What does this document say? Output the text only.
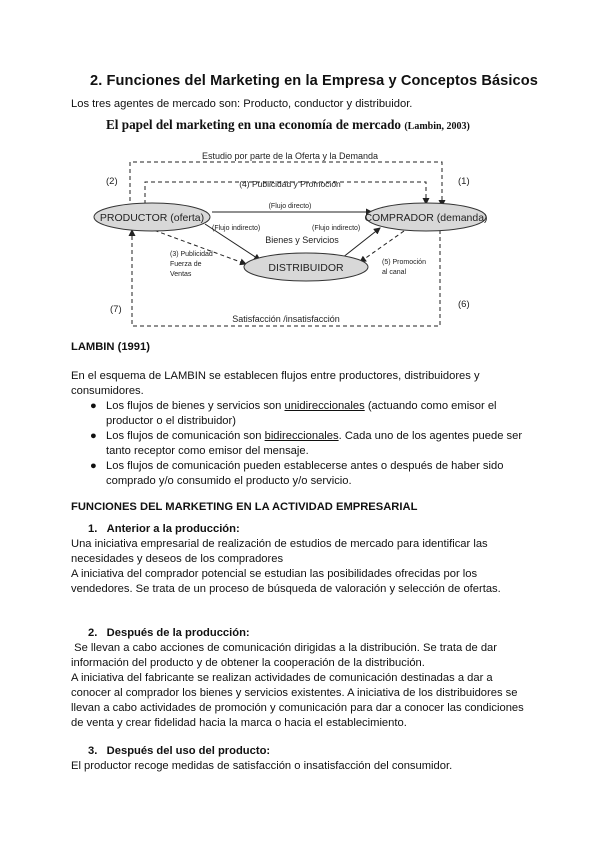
2. Funciones del Marketing en la Empresa y Conceptos Básicos

Los tres agentes de mercado son: Producto, conductor y distribuidor.

El papel del marketing en una economía de mercado (Lambin, 2003)
PRODUCTOR (oferta)	COMPRADOR (demanda)
DISTRIBUIDOR
Estudio por parte de la Oferta y la Demanda
(4) Publicidad y Promoción
(Flujo directo)
(Flujo indirecto)	(Flujo indirecto)
Bienes y Servicios
(3) Publicidad
Fuerza de
Ventas
(5) Promoción
al canal
Satisfacción /insatisfacción
(2)	(1)
(6)
(7)

LAMBIN (1991)

En el esquema de LAMBIN se establecen flujos entre productores, distribuidores y consumidores.

● Los flujos de bienes y servicios son unidireccionales (actuando como emisor el productor o el distribuidor)
● Los flujos de comunicación son bidireccionales. Cada uno de los agentes puede ser tanto receptor como emisor del mensaje.
● Los flujos de comunicación pueden establecerse antes o después de haber sido comprado y/o consumido el producto y/o servicio.

FUNCIONES DEL MARKETING EN LA ACTIVIDAD EMPRESARIAL

1. Anterior a la producción:

Una iniciativa empresarial de realización de estudios de mercado para identificar las necesidades y deseos de los compradores

A iniciativa del comprador potencial se estudian las posibilidades ofrecidas por los vendedores. Se trata de un proceso de búsqueda de valoración y selección de ofertas.

2. Después de la producción:

Se llevan a cabo acciones de comunicación dirigidas a la distribución. Se trata de dar información del producto y de obtener la cooperación de la distribución.

A iniciativa del fabricante se realizan actividades de comunicación destinadas a dar a conocer al comprador los bienes y servicios existentes. A iniciativa de los distribuidores se llevan a cabo actividades de promoción y comunicación para dar a conocer las condiciones de venta y crear fidelidad hacia la marca o hacia el establecimiento.

3. Después del uso del producto:

El productor recoge medidas de satisfacción o insatisfacción del consumidor.
